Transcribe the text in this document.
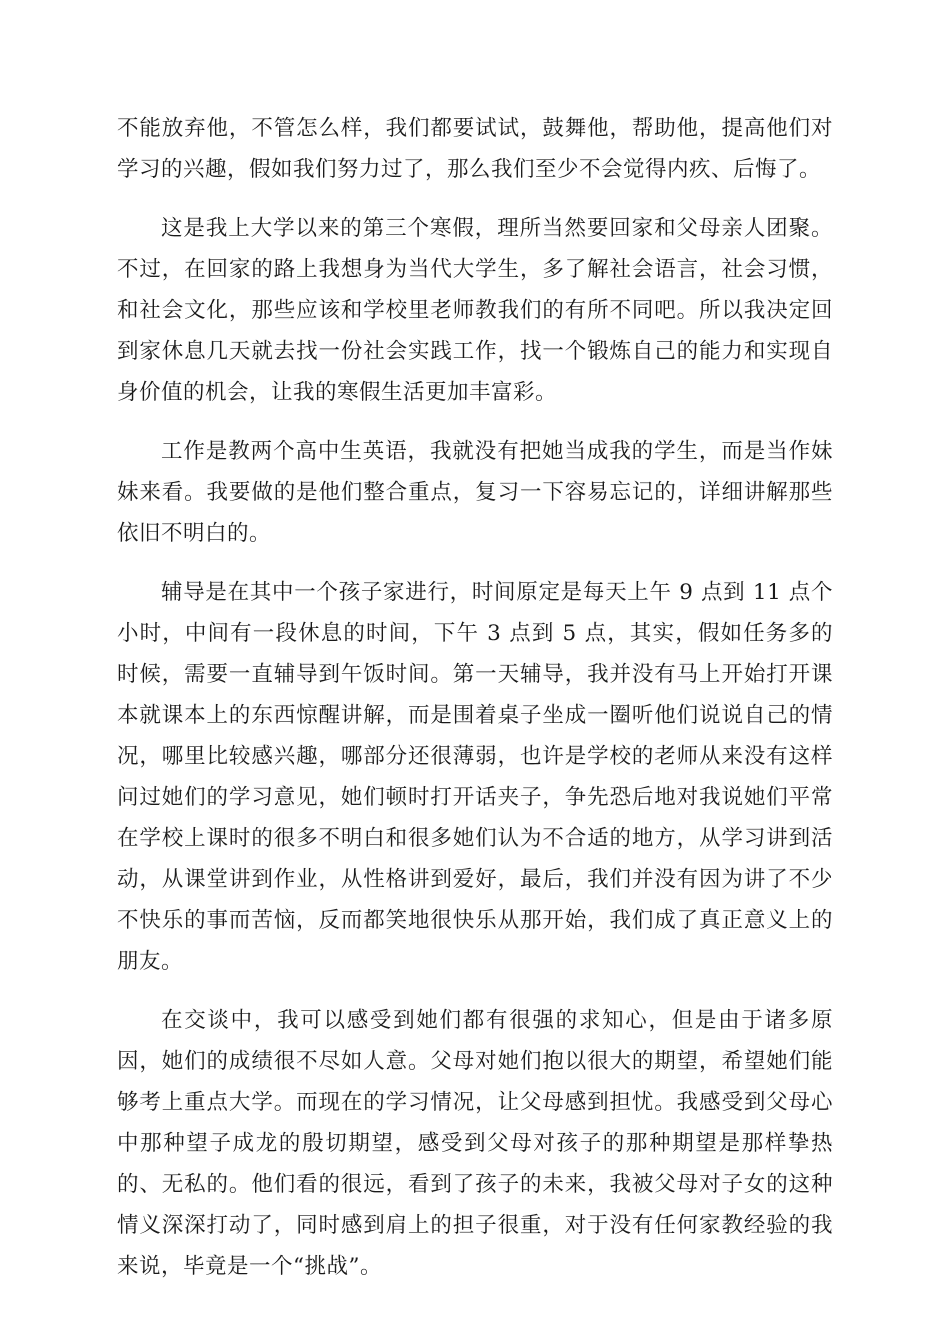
不能放弃他，不管怎么样，我们都要试试，鼓舞他，帮助他，提高他们对学习的兴趣，假如我们努力过了，那么我们至少不会觉得内疚、后悔了。

这是我上大学以来的第三个寒假，理所当然要回家和父母亲人团聚。不过，在回家的路上我想身为当代大学生，多了解社会语言，社会习惯，和社会文化，那些应该和学校里老师教我们的有所不同吧。所以我决定回到家休息几天就去找一份社会实践工作，找一个锻炼自己的能力和实现自身价值的机会，让我的寒假生活更加丰富彩。

工作是教两个高中生英语，我就没有把她当成我的学生，而是当作妹妹来看。我要做的是他们整合重点，复习一下容易忘记的，详细讲解那些依旧不明白的。

辅导是在其中一个孩子家进行，时间原定是每天上午 9 点到 11 点个小时，中间有一段休息的时间，下午 3 点到 5 点，其实，假如任务多的时候，需要一直辅导到午饭时间。第一天辅导，我并没有马上开始打开课本就课本上的东西惊醒讲解，而是围着桌子坐成一圈听他们说说自己的情况，哪里比较感兴趣，哪部分还很薄弱，也许是学校的老师从来没有这样问过她们的学习意见，她们顿时打开话夹子，争先恐后地对我说她们平常在学校上课时的很多不明白和很多她们认为不合适的地方，从学习讲到活动，从课堂讲到作业，从性格讲到爱好，最后，我们并没有因为讲了不少不快乐的事而苦恼，反而都笑地很快乐从那开始，我们成了真正意义上的朋友。

在交谈中，我可以感受到她们都有很强的求知心，但是由于诸多原因，她们的成绩很不尽如人意。父母对她们抱以很大的期望，希望她们能够考上重点大学。而现在的学习情况，让父母感到担忧。我感受到父母心中那种望子成龙的殷切期望，感受到父母对孩子的那种期望是那样挚热的、无私的。他们看的很远，看到了孩子的未来，我被父母对子女的这种情义深深打动了，同时感到肩上的担子很重，对于没有任何家教经验的我来说，毕竟是一个“挑战”。
